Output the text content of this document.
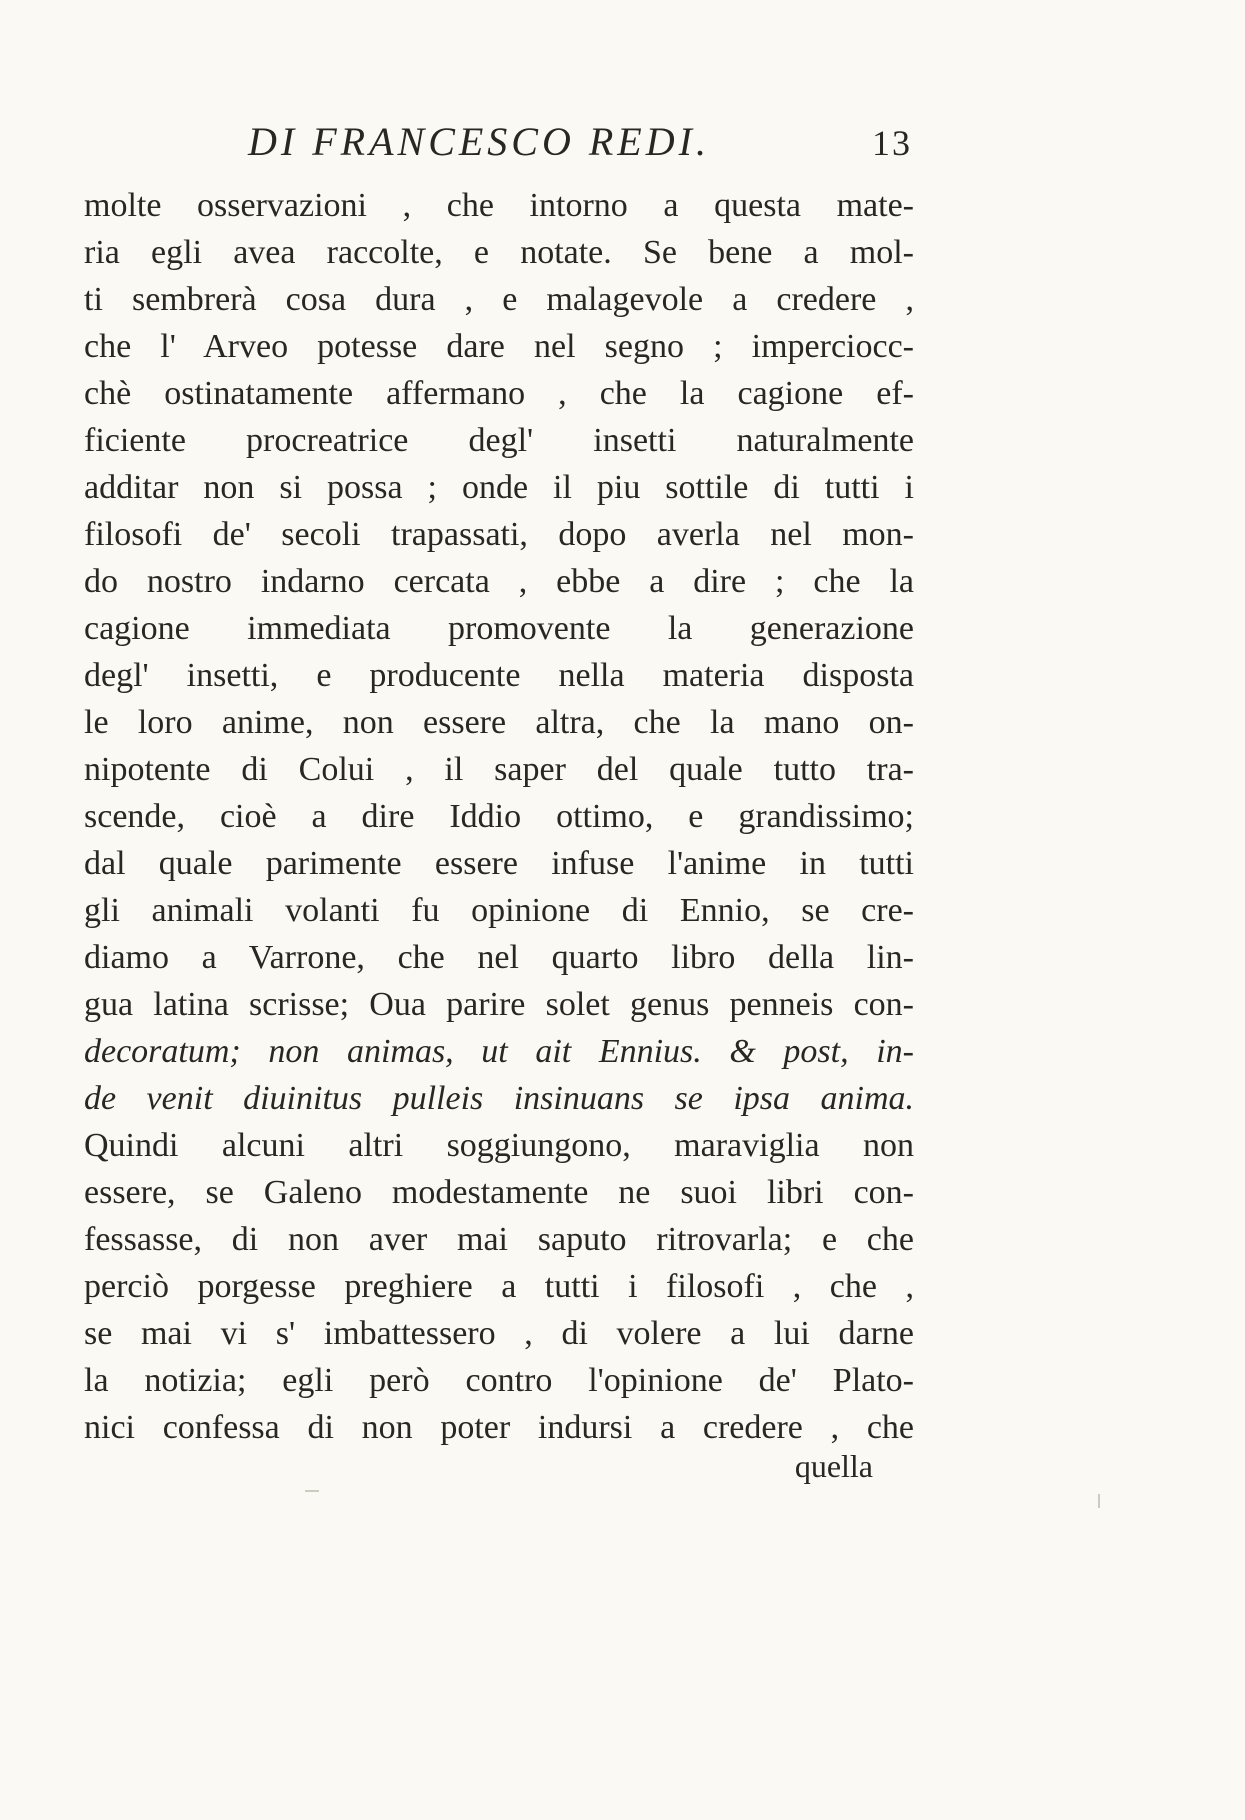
DI FRANCESCO REDI.	13
molte osservazioni , che intorno a questa mate-
ria egli avea raccolte, e notate. Se bene a mol-
ti sembrerà cosa dura , e malagevole a credere ,
che l' Arveo potesse dare nel segno ; imperciocc-
chè ostinatamente affermano , che la cagione ef-
ficiente procreatrice degl' insetti naturalmente
additar non si possa ; onde il piu sottile di tutti i
filosofi de' secoli trapassati, dopo averla nel mon-
do nostro indarno cercata , ebbe a dire ; che la
cagione immediata promovente la generazione
degl' insetti, e producente nella materia disposta
le loro anime, non essere altra, che la mano on-
nipotente di Colui , il saper del quale tutto tra-
scende, cioè a dire Iddio ottimo, e grandissimo;
dal quale parimente essere infuse l'anime in tutti
gli animali volanti fu opinione di Ennio, se cre-
diamo a Varrone, che nel quarto libro della lin-
gua latina scrisse; Oua parire solet genus penneis con-
decoratum; non animas, ut ait Ennius. & post, in-
de venit diuinitus pulleis insinuans se ipsa anima.
Quindi alcuni altri soggiungono, maraviglia non
essere, se Galeno modestamente ne suoi libri con-
fessasse, di non aver mai saputo ritrovarla; e che
perciò porgesse preghiere a tutti i filosofi , che ,
se mai vi s' imbattessero , di volere a lui darne
la notizia; egli però contro l'opinione de' Plato-
nici confessa di non poter indursi a credere , che
quella
